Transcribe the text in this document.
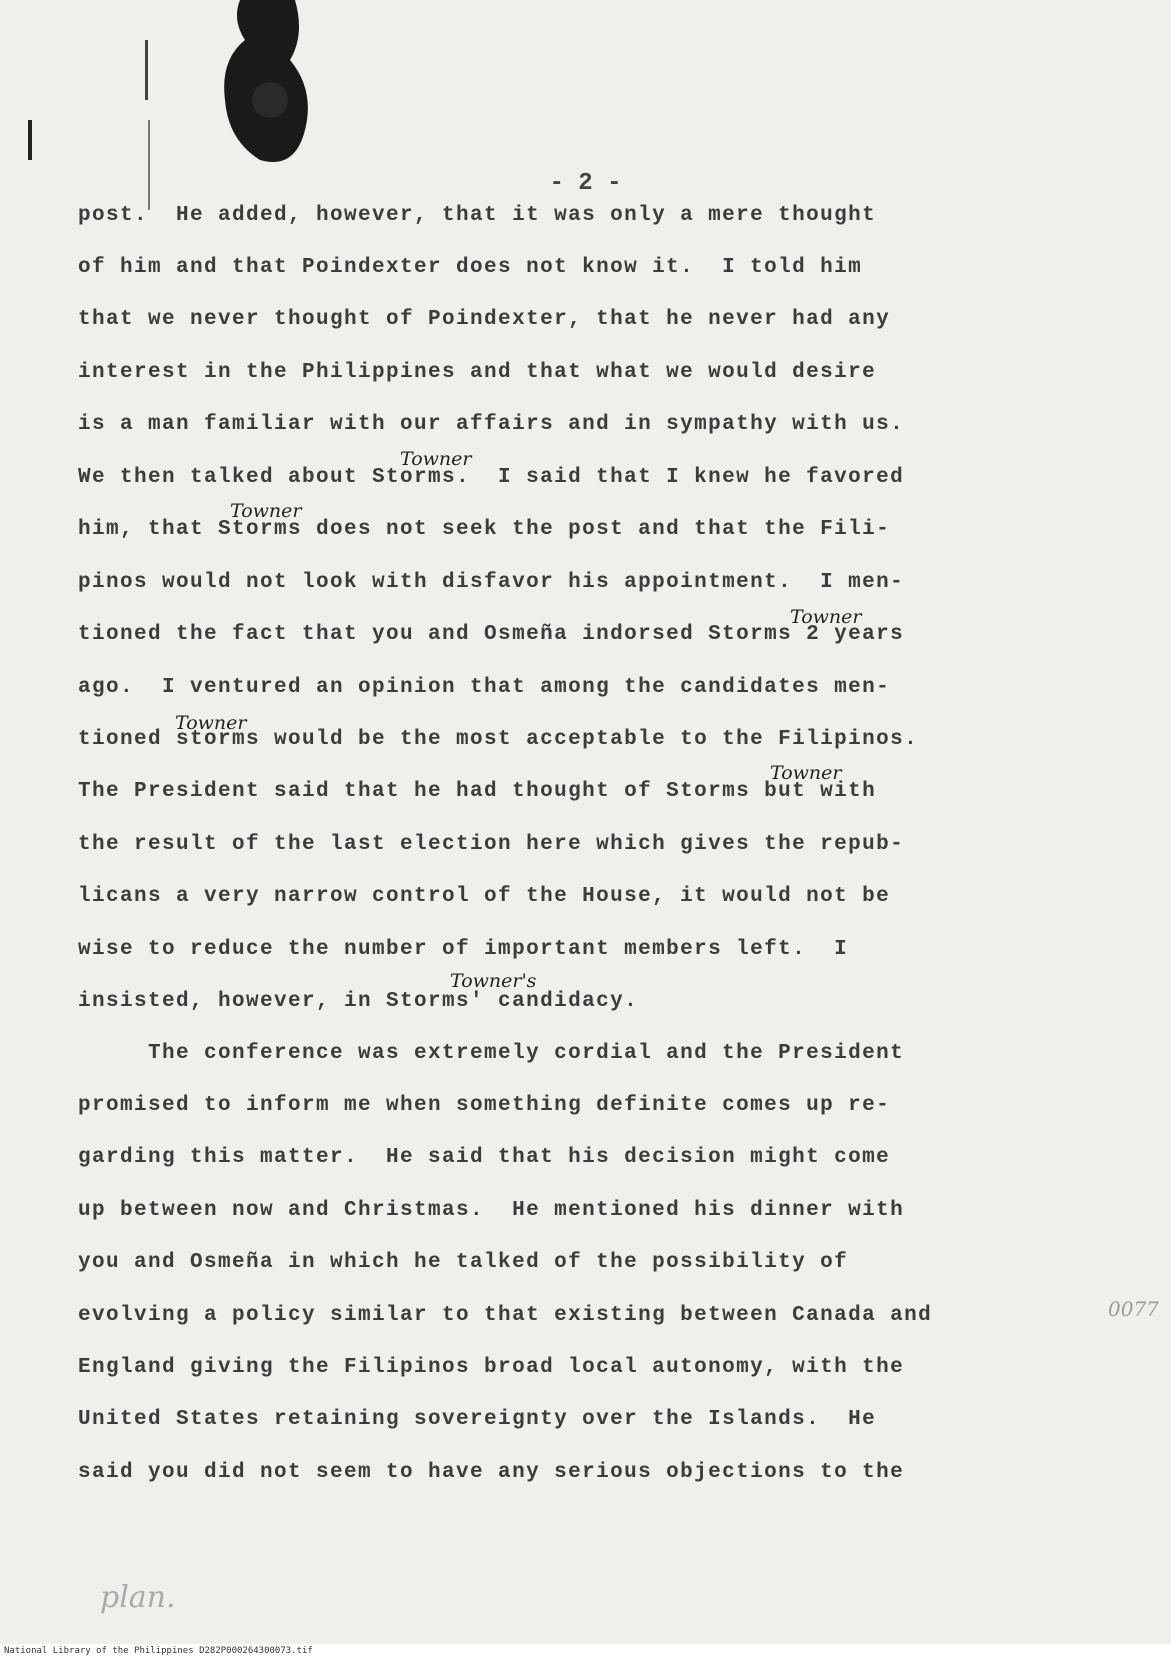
- 2 -
post.  He added, however, that it was only a mere thought
of him and that Poindexter does not know it.  I told him
that we never thought of Poindexter, that he never had any
interest in the Philippines and that what we would desire
is a man familiar with our affairs and in sympathy with us.
We then talked about Storms.  I said that I knew he favored
him, that Storms does not seek the post and that the Fili-
pinos would not look with disfavor his appointment.  I men-
tioned the fact that you and Osmeña indorsed Storms 2 years
ago.  I ventured an opinion that among the candidates men-
tioned storms would be the most acceptable to the Filipinos.
The President said that he had thought of Storms but with
the result of the last election here which gives the repub-
licans a very narrow control of the House, it would not be
wise to reduce the number of important members left.  I
insisted, however, in Storms' candidacy.
The conference was extremely cordial and the President
promised to inform me when something definite comes up re-
garding this matter.  He said that his decision might come
up between now and Christmas.  He mentioned his dinner with
you and Osmeña in which he talked of the possibility of
evolving a policy similar to that existing between Canada and
England giving the Filipinos broad local autonomy, with the
United States retaining sovereignty over the Islands.  He
said you did not seem to have any serious objections to the
Towner
Towner
Towner
Towner
Towner
Towner's
0077
plan.
National Library of the Philippines D282P000264300073.tif
